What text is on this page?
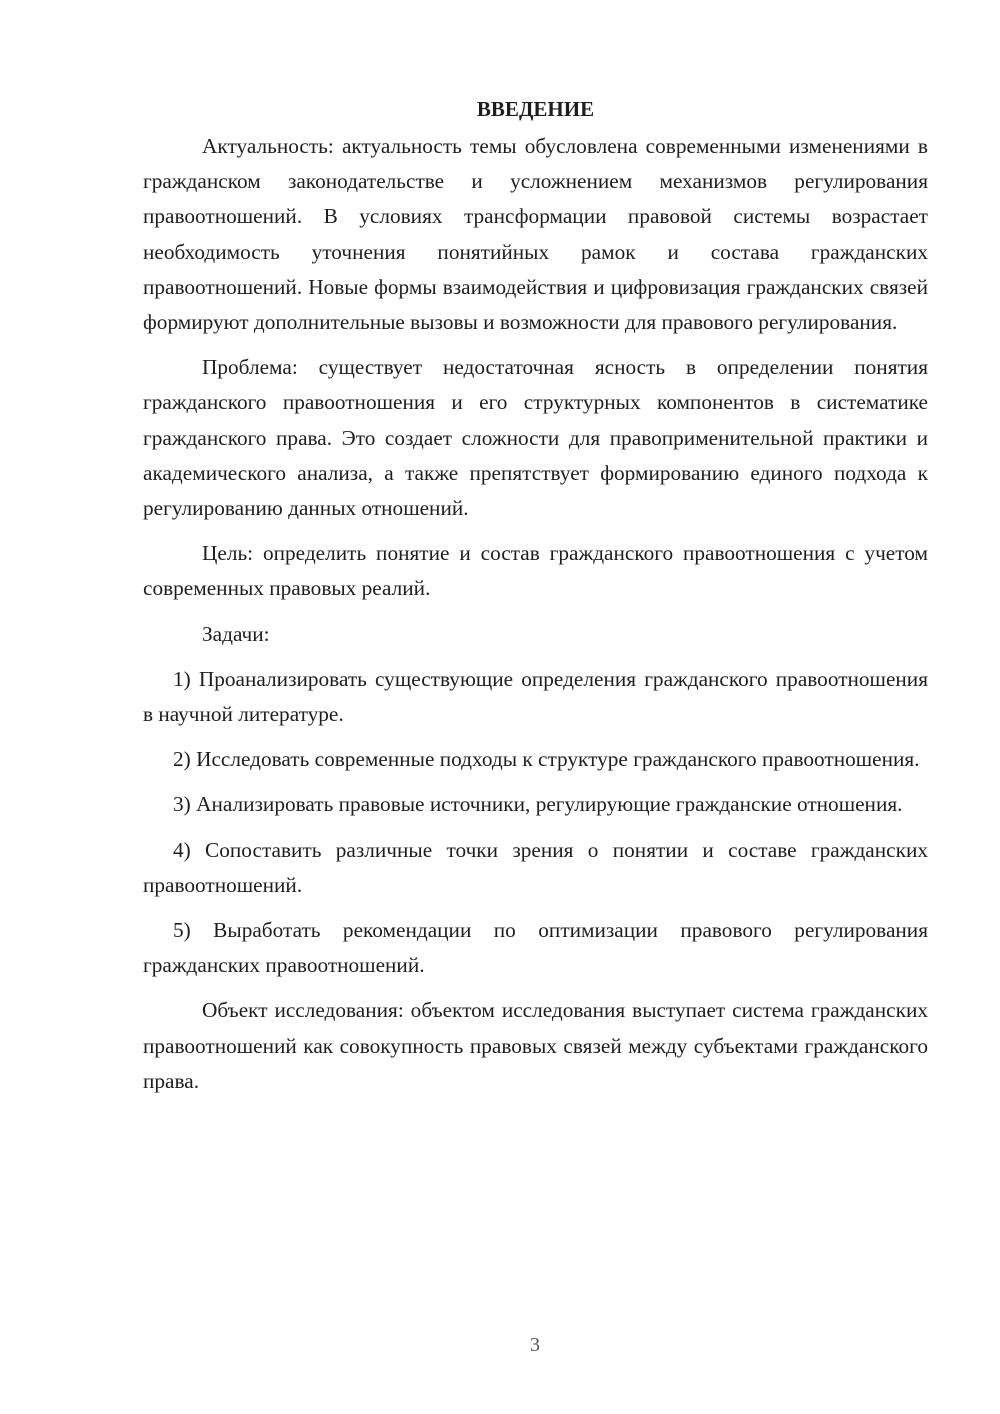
ВВЕДЕНИЕ

Актуальность: актуальность темы обусловлена современными изменениями в гражданском законодательстве и усложнением механизмов регулирования правоотношений. В условиях трансформации правовой системы возрастает необходимость уточнения понятийных рамок и состава гражданских правоотношений. Новые формы взаимодействия и цифровизация гражданских связей формируют дополнительные вызовы и возможности для правового регулирования.

Проблема: существует недостаточная ясность в определении понятия гражданского правоотношения и его структурных компонентов в систематике гражданского права. Это создает сложности для правоприменительной практики и академического анализа, а также препятствует формированию единого подхода к регулированию данных отношений.

Цель: определить понятие и состав гражданского правоотношения с учетом современных правовых реалий.

Задачи:

1) Проанализировать существующие определения гражданского правоотношения в научной литературе.

2) Исследовать современные подходы к структуре гражданского правоотношения.

3) Анализировать правовые источники, регулирующие гражданские отношения.

4) Сопоставить различные точки зрения о понятии и составе гражданских правоотношений.

5) Выработать рекомендации по оптимизации правового регулирования гражданских правоотношений.

Объект исследования: объектом исследования выступает система гражданских правоотношений как совокупность правовых связей между субъектами гражданского права.

3
